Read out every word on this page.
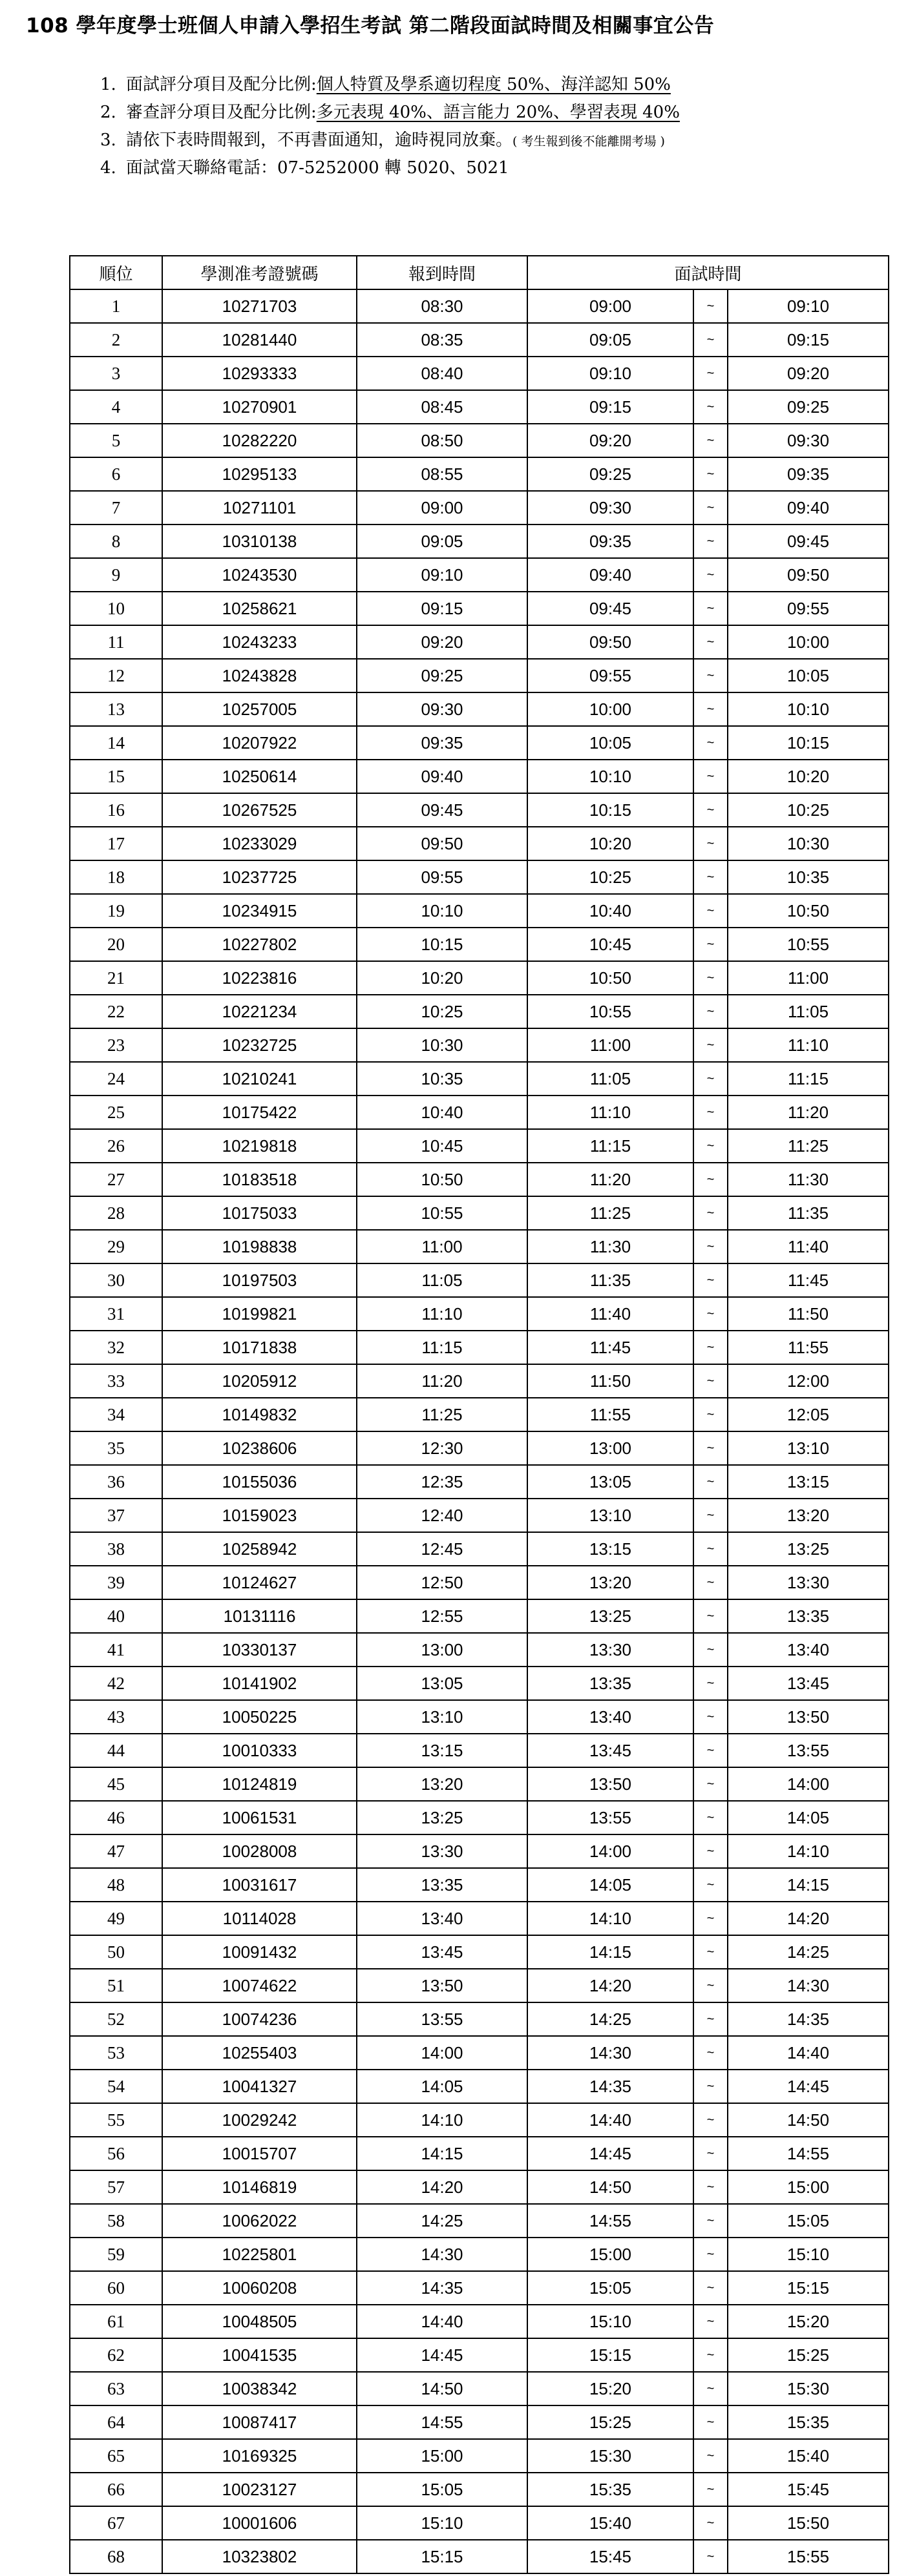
108 學年度學士班個人申請入學招生考試 第二階段面試時間及相關事宜公告
1. 面試評分項目及配分比例:個人特質及學系適切程度 50%、海洋認知 50%
2. 審查評分項目及配分比例:多元表現 40%、語言能力 20%、學習表現 40%
3. 請依下表時間報到，不再書面通知，逾時視同放棄。( 考生報到後不能離開考場 )
4. 面試當天聯絡電話：07-5252000 轉 5020、5021
順位	學測准考證號碼	報到時間	面試時間		
1	10271703	08:30	09:00	~	09:10
2	10281440	08:35	09:05	~	09:15
3	10293333	08:40	09:10	~	09:20
4	10270901	08:45	09:15	~	09:25
5	10282220	08:50	09:20	~	09:30
6	10295133	08:55	09:25	~	09:35
7	10271101	09:00	09:30	~	09:40
8	10310138	09:05	09:35	~	09:45
9	10243530	09:10	09:40	~	09:50
10	10258621	09:15	09:45	~	09:55
11	10243233	09:20	09:50	~	10:00
12	10243828	09:25	09:55	~	10:05
13	10257005	09:30	10:00	~	10:10
14	10207922	09:35	10:05	~	10:15
15	10250614	09:40	10:10	~	10:20
16	10267525	09:45	10:15	~	10:25
17	10233029	09:50	10:20	~	10:30
18	10237725	09:55	10:25	~	10:35
19	10234915	10:10	10:40	~	10:50
20	10227802	10:15	10:45	~	10:55
21	10223816	10:20	10:50	~	11:00
22	10221234	10:25	10:55	~	11:05
23	10232725	10:30	11:00	~	11:10
24	10210241	10:35	11:05	~	11:15
25	10175422	10:40	11:10	~	11:20
26	10219818	10:45	11:15	~	11:25
27	10183518	10:50	11:20	~	11:30
28	10175033	10:55	11:25	~	11:35
29	10198838	11:00	11:30	~	11:40
30	10197503	11:05	11:35	~	11:45
31	10199821	11:10	11:40	~	11:50
32	10171838	11:15	11:45	~	11:55
33	10205912	11:20	11:50	~	12:00
34	10149832	11:25	11:55	~	12:05
35	10238606	12:30	13:00	~	13:10
36	10155036	12:35	13:05	~	13:15
37	10159023	12:40	13:10	~	13:20
38	10258942	12:45	13:15	~	13:25
39	10124627	12:50	13:20	~	13:30
40	10131116	12:55	13:25	~	13:35
41	10330137	13:00	13:30	~	13:40
42	10141902	13:05	13:35	~	13:45
43	10050225	13:10	13:40	~	13:50
44	10010333	13:15	13:45	~	13:55
45	10124819	13:20	13:50	~	14:00
46	10061531	13:25	13:55	~	14:05
47	10028008	13:30	14:00	~	14:10
48	10031617	13:35	14:05	~	14:15
49	10114028	13:40	14:10	~	14:20
50	10091432	13:45	14:15	~	14:25
51	10074622	13:50	14:20	~	14:30
52	10074236	13:55	14:25	~	14:35
53	10255403	14:00	14:30	~	14:40
54	10041327	14:05	14:35	~	14:45
55	10029242	14:10	14:40	~	14:50
56	10015707	14:15	14:45	~	14:55
57	10146819	14:20	14:50	~	15:00
58	10062022	14:25	14:55	~	15:05
59	10225801	14:30	15:00	~	15:10
60	10060208	14:35	15:05	~	15:15
61	10048505	14:40	15:10	~	15:20
62	10041535	14:45	15:15	~	15:25
63	10038342	14:50	15:20	~	15:30
64	10087417	14:55	15:25	~	15:35
65	10169325	15:00	15:30	~	15:40
66	10023127	15:05	15:35	~	15:45
67	10001606	15:10	15:40	~	15:50
68	10323802	15:15	15:45	~	15:55
